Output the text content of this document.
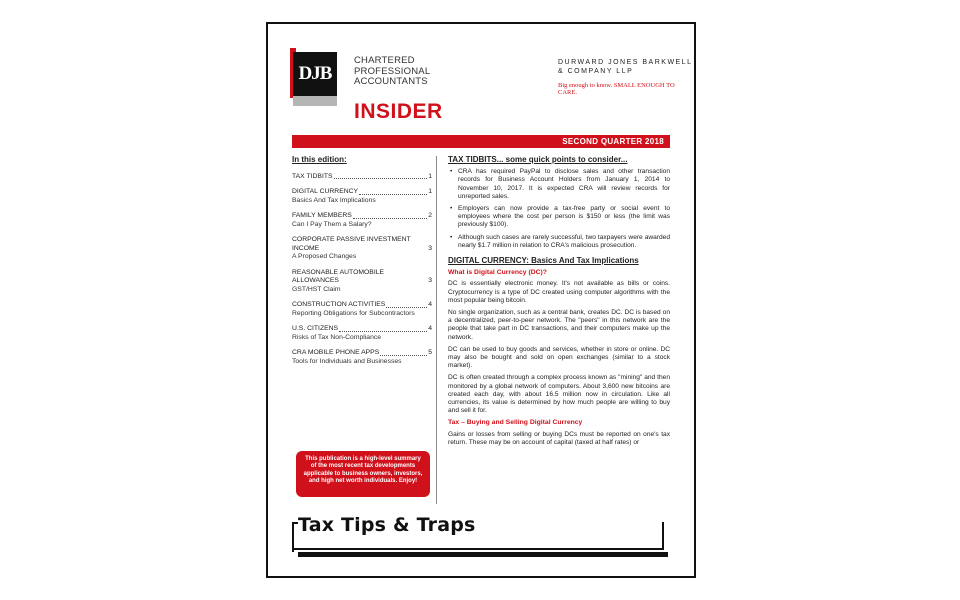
DJB
CHARTERED
PROFESSIONAL
ACCOUNTANTS
DURWARD JONES BARKWELL
& COMPANY LLP
Big enough to know. SMALL ENOUGH TO CARE.
INSIDER
SECOND QUARTER 2018
In this edition:
TAX TIDBITS	1
DIGITAL CURRENCY	1
Basics And Tax Implications
FAMILY MEMBERS	2
Can I Pay Them a Salary?
CORPORATE PASSIVE INVESTMENT INCOME	3
A Proposed Changes
REASONABLE AUTOMOBILE ALLOWANCES	3
GST/HST Claim
CONSTRUCTION ACTIVITIES	4
Reporting Obligations for Subcontractors
U.S. CITIZENS	4
Risks of Tax Non-Compliance
CRA MOBILE PHONE APPS	5
Tools for Individuals and Businesses
This publication is a high-level summary of the most recent tax developments applicable to business owners, investors, and high net worth individuals. Enjoy!
TAX TIDBITS... some quick points to consider...
• CRA has required PayPal to disclose sales and other transaction records for Business Account Holders from January 1, 2014 to November 10, 2017. It is expected CRA will review records for unreported sales.
• Employers can now provide a tax-free party or social event to employees where the cost per person is $150 or less (the limit was previously $100).
• Although such cases are rarely successful, two taxpayers were awarded nearly $1.7 million in relation to CRA's malicious prosecution.
DIGITAL CURRENCY: Basics And Tax Implications
What is Digital Currency (DC)?
DC is essentially electronic money. It's not available as bills or coins. Cryptocurrency is a type of DC created using computer algorithms with the most popular being bitcoin.
No single organization, such as a central bank, creates DC. DC is based on a decentralized, peer-to-peer network. The "peers" in this network are the people that take part in DC transactions, and their computers make up the network.
DC can be used to buy goods and services, whether in store or online. DC may also be bought and sold on open exchanges (similar to a stock market).
DC is often created through a complex process known as "mining" and then monitored by a global network of computers. About 3,600 new bitcoins are created each day, with about 16.5 million now in circulation. Like all currencies, its value is determined by how much people are willing to buy and sell it for.
Tax – Buying and Selling Digital Currency
Gains or losses from selling or buying DCs must be reported on one's tax return. These may be on account of capital (taxed at half rates) or
Tax Tips & Traps
